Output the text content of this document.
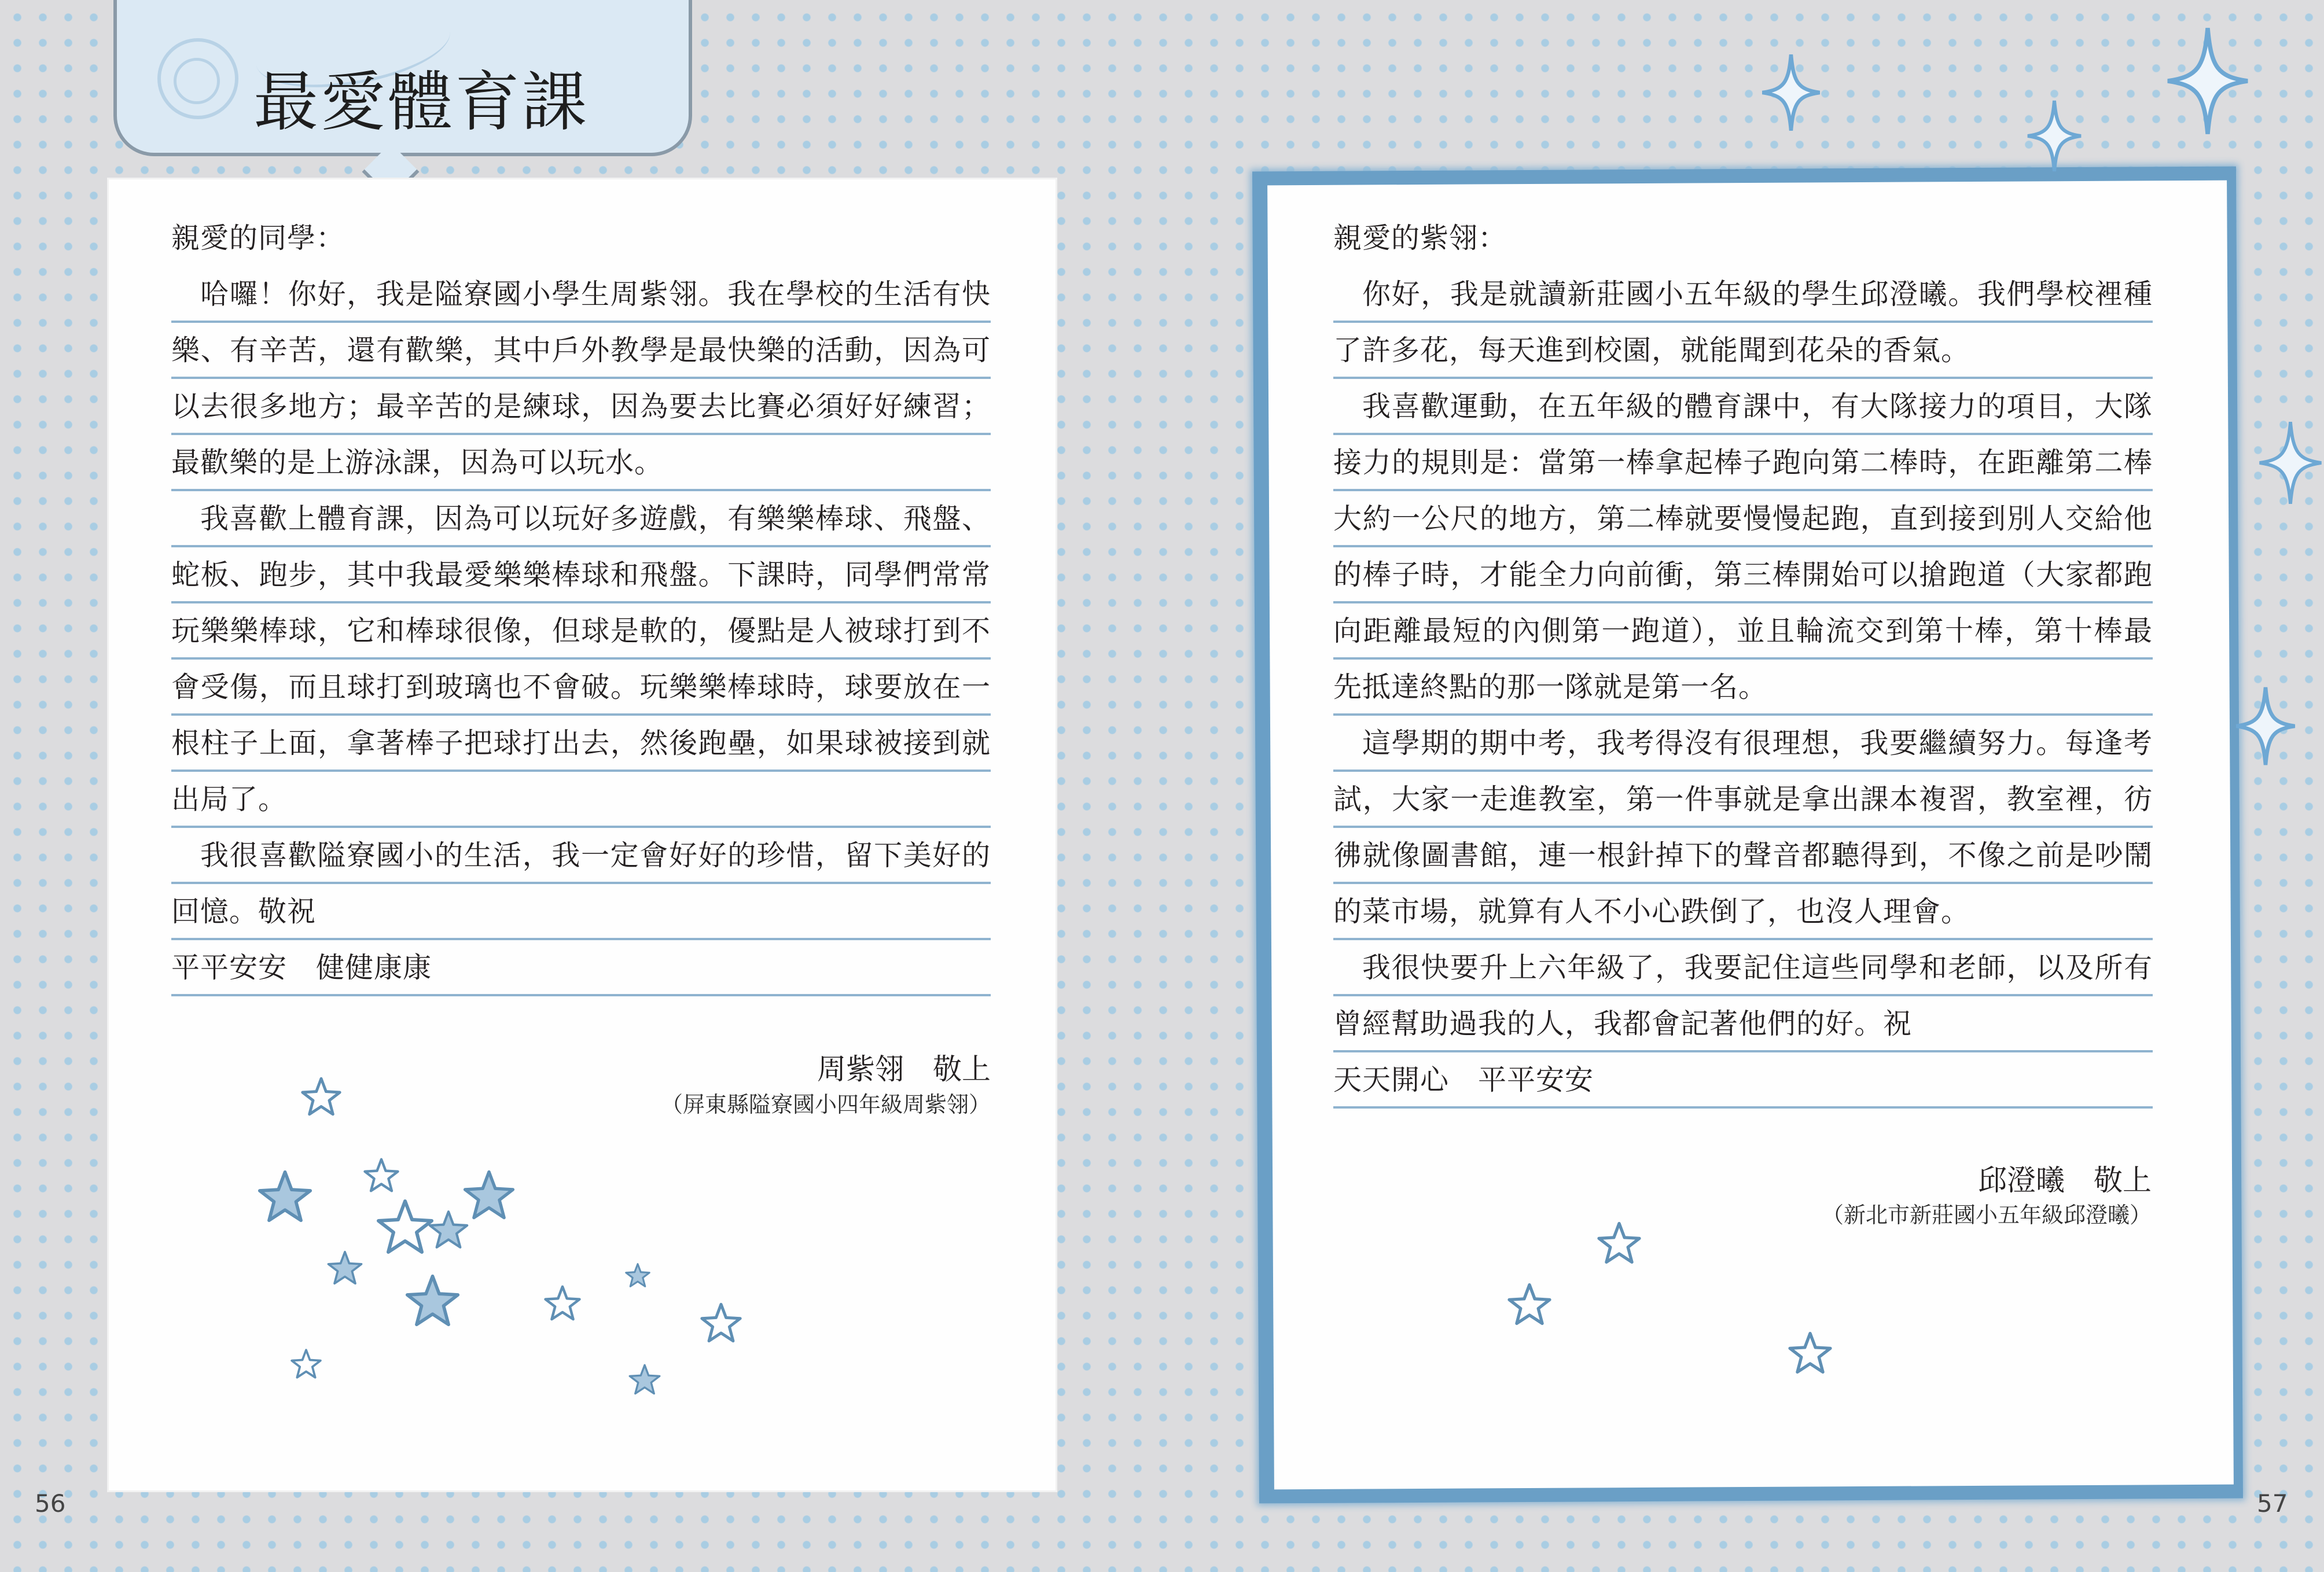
最愛體育課
親愛的同學：
哈囉！你好，我是隘寮國小學生周紫翎。我在學校的生活有快
樂、有辛苦，還有歡樂，其中戶外教學是最快樂的活動，因為可
以去很多地方；最辛苦的是練球，因為要去比賽必須好好練習；
最歡樂的是上游泳課，因為可以玩水。
我喜歡上體育課，因為可以玩好多遊戲，有樂樂棒球、飛盤、
蛇板、跑步，其中我最愛樂樂棒球和飛盤。下課時，同學們常常
玩樂樂棒球，它和棒球很像，但球是軟的，優點是人被球打到不
會受傷，而且球打到玻璃也不會破。玩樂樂棒球時，球要放在一
根柱子上面，拿著棒子把球打出去，然後跑壘，如果球被接到就
出局了。
我很喜歡隘寮國小的生活，我一定會好好的珍惜，留下美好的
回憶。敬祝
平平安安　健健康康

周紫翎　敬上

（屏東縣隘寮國小四年級周紫翎）

親愛的紫翎：
你好，我是就讀新莊國小五年級的學生邱澄曦。我們學校裡種
了許多花，每天進到校園，就能聞到花朵的香氣。
我喜歡運動，在五年級的體育課中，有大隊接力的項目，大隊
接力的規則是：當第一棒拿起棒子跑向第二棒時，在距離第二棒
大約一公尺的地方，第二棒就要慢慢起跑，直到接到別人交給他
的棒子時，才能全力向前衝，第三棒開始可以搶跑道（大家都跑
向距離最短的內側第一跑道），並且輪流交到第十棒，第十棒最
先抵達終點的那一隊就是第一名。
這學期的期中考，我考得沒有很理想，我要繼續努力。每逢考
試，大家一走進教室，第一件事就是拿出課本複習，教室裡，彷
彿就像圖書館，連一根針掉下的聲音都聽得到，不像之前是吵鬧
的菜市場，就算有人不小心跌倒了，也沒人理會。
我很快要升上六年級了，我要記住這些同學和老師，以及所有
曾經幫助過我的人，我都會記著他們的好。祝
天天開心　平平安安

邱澄曦　敬上

（新北市新莊國小五年級邱澄曦）

56	57
